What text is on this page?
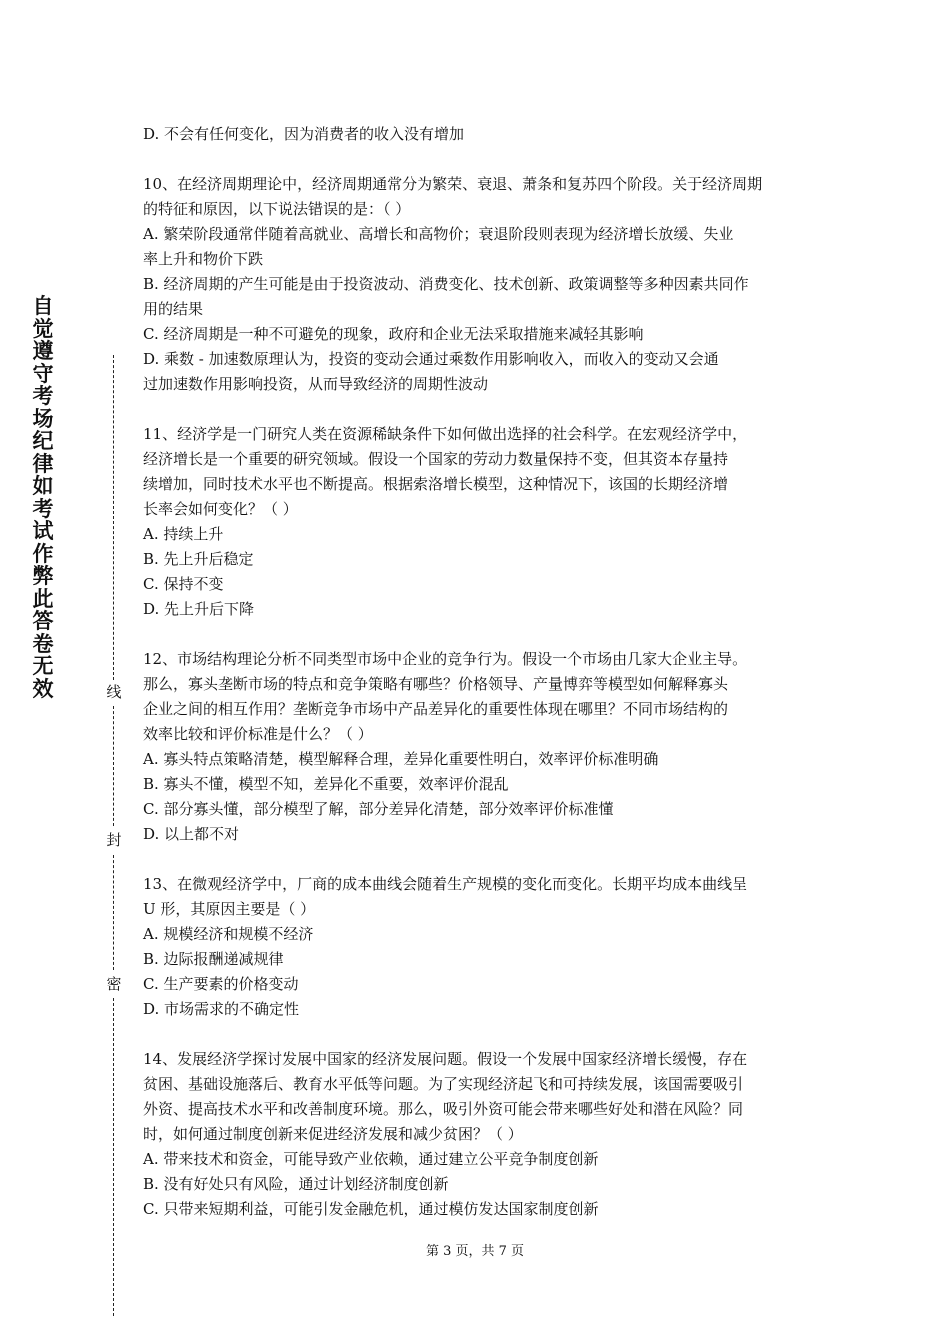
自觉遵守考场纪律如考试作弊此答卷无效	线
封
密
D. 不会有任何变化，因为消费者的收入没有增加
10、在经济周期理论中，经济周期通常分为繁荣、衰退、萧条和复苏四个阶段。关于经济周期
的特征和原因，以下说法错误的是：（ ）
A. 繁荣阶段通常伴随着高就业、高增长和高物价；衰退阶段则表现为经济增长放缓、失业
率上升和物价下跌
B. 经济周期的产生可能是由于投资波动、消费变化、技术创新、政策调整等多种因素共同作
用的结果
C. 经济周期是一种不可避免的现象，政府和企业无法采取措施来减轻其影响
D. 乘数 - 加速数原理认为，投资的变动会通过乘数作用影响收入，而收入的变动又会通
过加速数作用影响投资，从而导致经济的周期性波动
11、经济学是一门研究人类在资源稀缺条件下如何做出选择的社会科学。在宏观经济学中，
经济增长是一个重要的研究领域。假设一个国家的劳动力数量保持不变，但其资本存量持
续增加，同时技术水平也不断提高。根据索洛增长模型，这种情况下，该国的长期经济增
长率会如何变化？（ ）
A. 持续上升
B. 先上升后稳定
C. 保持不变
D. 先上升后下降
12、市场结构理论分析不同类型市场中企业的竞争行为。假设一个市场由几家大企业主导。
那么，寡头垄断市场的特点和竞争策略有哪些？价格领导、产量博弈等模型如何解释寡头
企业之间的相互作用？垄断竞争市场中产品差异化的重要性体现在哪里？不同市场结构的
效率比较和评价标准是什么？（ ）
A. 寡头特点策略清楚，模型解释合理，差异化重要性明白，效率评价标准明确
B. 寡头不懂，模型不知，差异化不重要，效率评价混乱
C. 部分寡头懂，部分模型了解，部分差异化清楚，部分效率评价标准懂
D. 以上都不对
13、在微观经济学中，厂商的成本曲线会随着生产规模的变化而变化。长期平均成本曲线呈
U 形，其原因主要是（ ）
A. 规模经济和规模不经济
B. 边际报酬递减规律
C. 生产要素的价格变动
D. 市场需求的不确定性
14、发展经济学探讨发展中国家的经济发展问题。假设一个发展中国家经济增长缓慢，存在
贫困、基础设施落后、教育水平低等问题。为了实现经济起飞和可持续发展，该国需要吸引
外资、提高技术水平和改善制度环境。那么，吸引外资可能会带来哪些好处和潜在风险？同
时，如何通过制度创新来促进经济发展和减少贫困？（ ）
A. 带来技术和资金，可能导致产业依赖，通过建立公平竞争制度创新
B. 没有好处只有风险，通过计划经济制度创新
C. 只带来短期利益，可能引发金融危机，通过模仿发达国家制度创新
第 3 页，共 7 页
